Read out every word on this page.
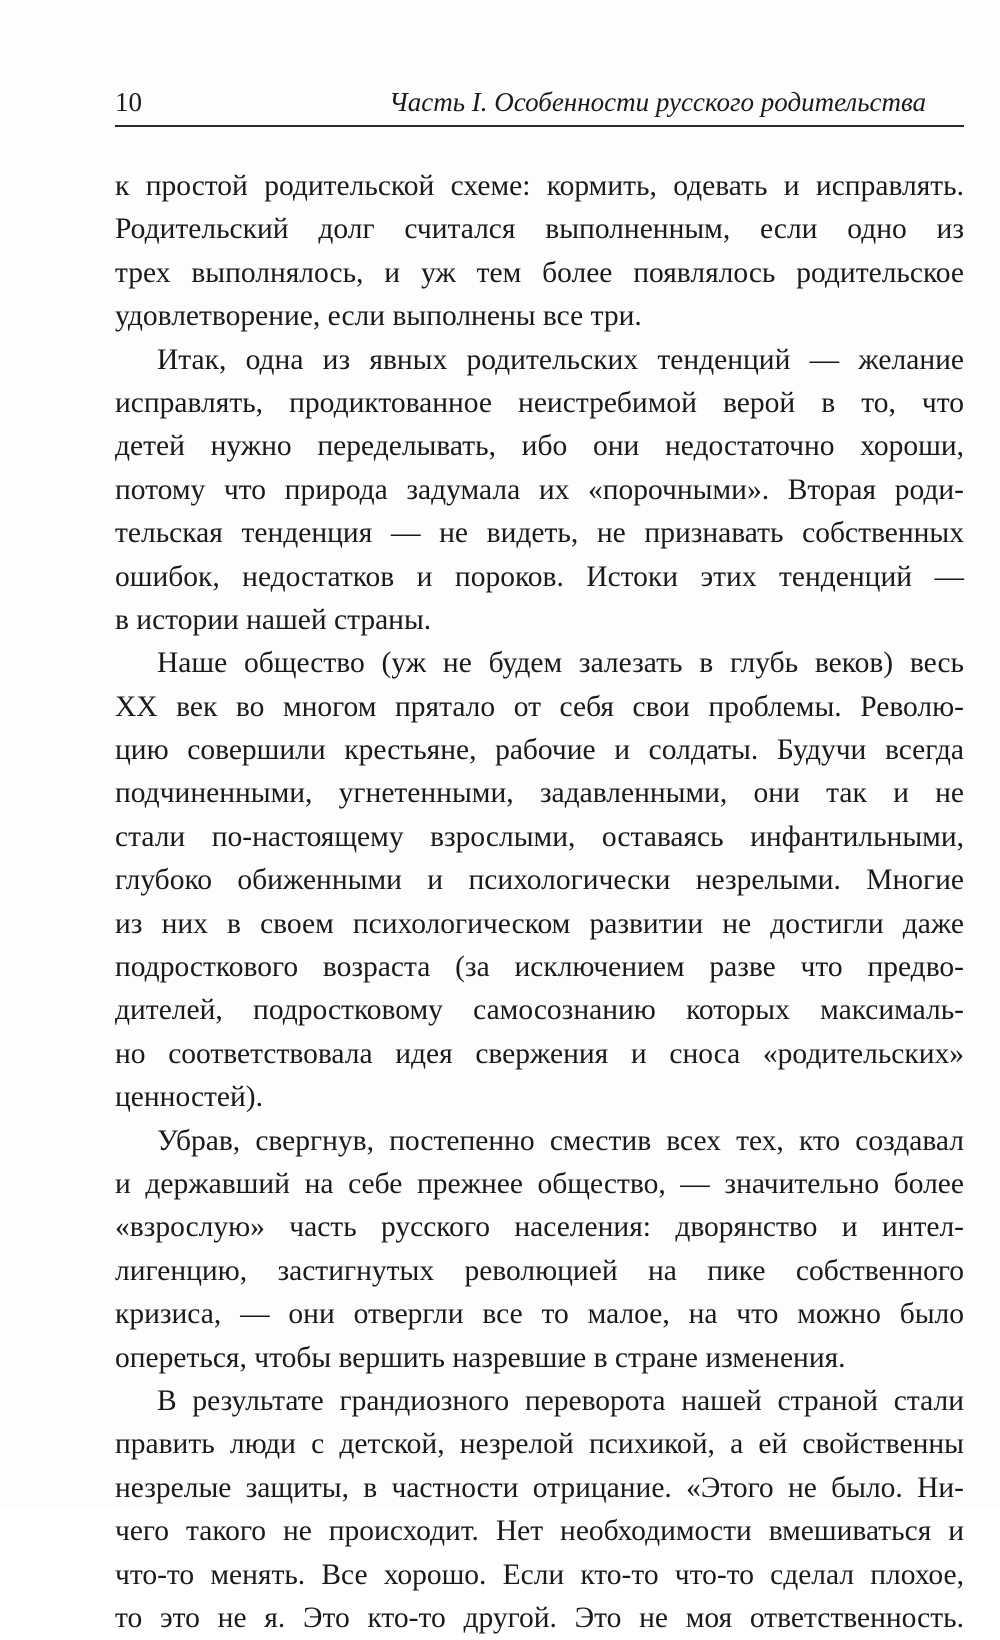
10	Часть I. Особенности русского родительства
к простой родительской схеме: кормить, одевать и исправлять.
Родительский долг считался выполненным, если одно из
трех выполнялось, и уж тем более появлялось родительское
удовлетворение, если выполнены все три.
Итак, одна из явных родительских тенденций — желание
исправлять, продиктованное неистребимой верой в то, что
детей нужно переделывать, ибо они недостаточно хороши,
потому что природа задумала их «порочными». Вторая роди-
тельская тенденция — не видеть, не признавать собственных
ошибок, недостатков и пороков. Истоки этих тенденций —
в истории нашей страны.
Наше общество (уж не будем залезать в глубь веков) весь
XX век во многом прятало от себя свои проблемы. Револю-
цию совершили крестьяне, рабочие и солдаты. Будучи всегда
подчиненными, угнетенными, задавленными, они так и не
стали по-настоящему взрослыми, оставаясь инфантильными,
глубоко обиженными и психологически незрелыми. Многие
из них в своем психологическом развитии не достигли даже
подросткового возраста (за исключением разве что предво-
дителей, подростковому самосознанию которых максималь-
но соответствовала идея свержения и сноса «родительских»
ценностей).
Убрав, свергнув, постепенно сместив всех тех, кто создавал
и державший на себе прежнее общество, — значительно более
«взрослую» часть русского населения: дворянство и интел-
лигенцию, застигнутых революцией на пике собственного
кризиса, — они отвергли все то малое, на что можно было
опереться, чтобы вершить назревшие в стране изменения.
В результате грандиозного переворота нашей страной стали
править люди с детской, незрелой психикой, а ей свойственны
незрелые защиты, в частности отрицание. «Этого не было. Ни-
чего такого не происходит. Нет необходимости вмешиваться и
что-то менять. Все хорошо. Если кто-то что-то сделал плохое,
то это не я. Это кто-то другой. Это не моя ответственность.
